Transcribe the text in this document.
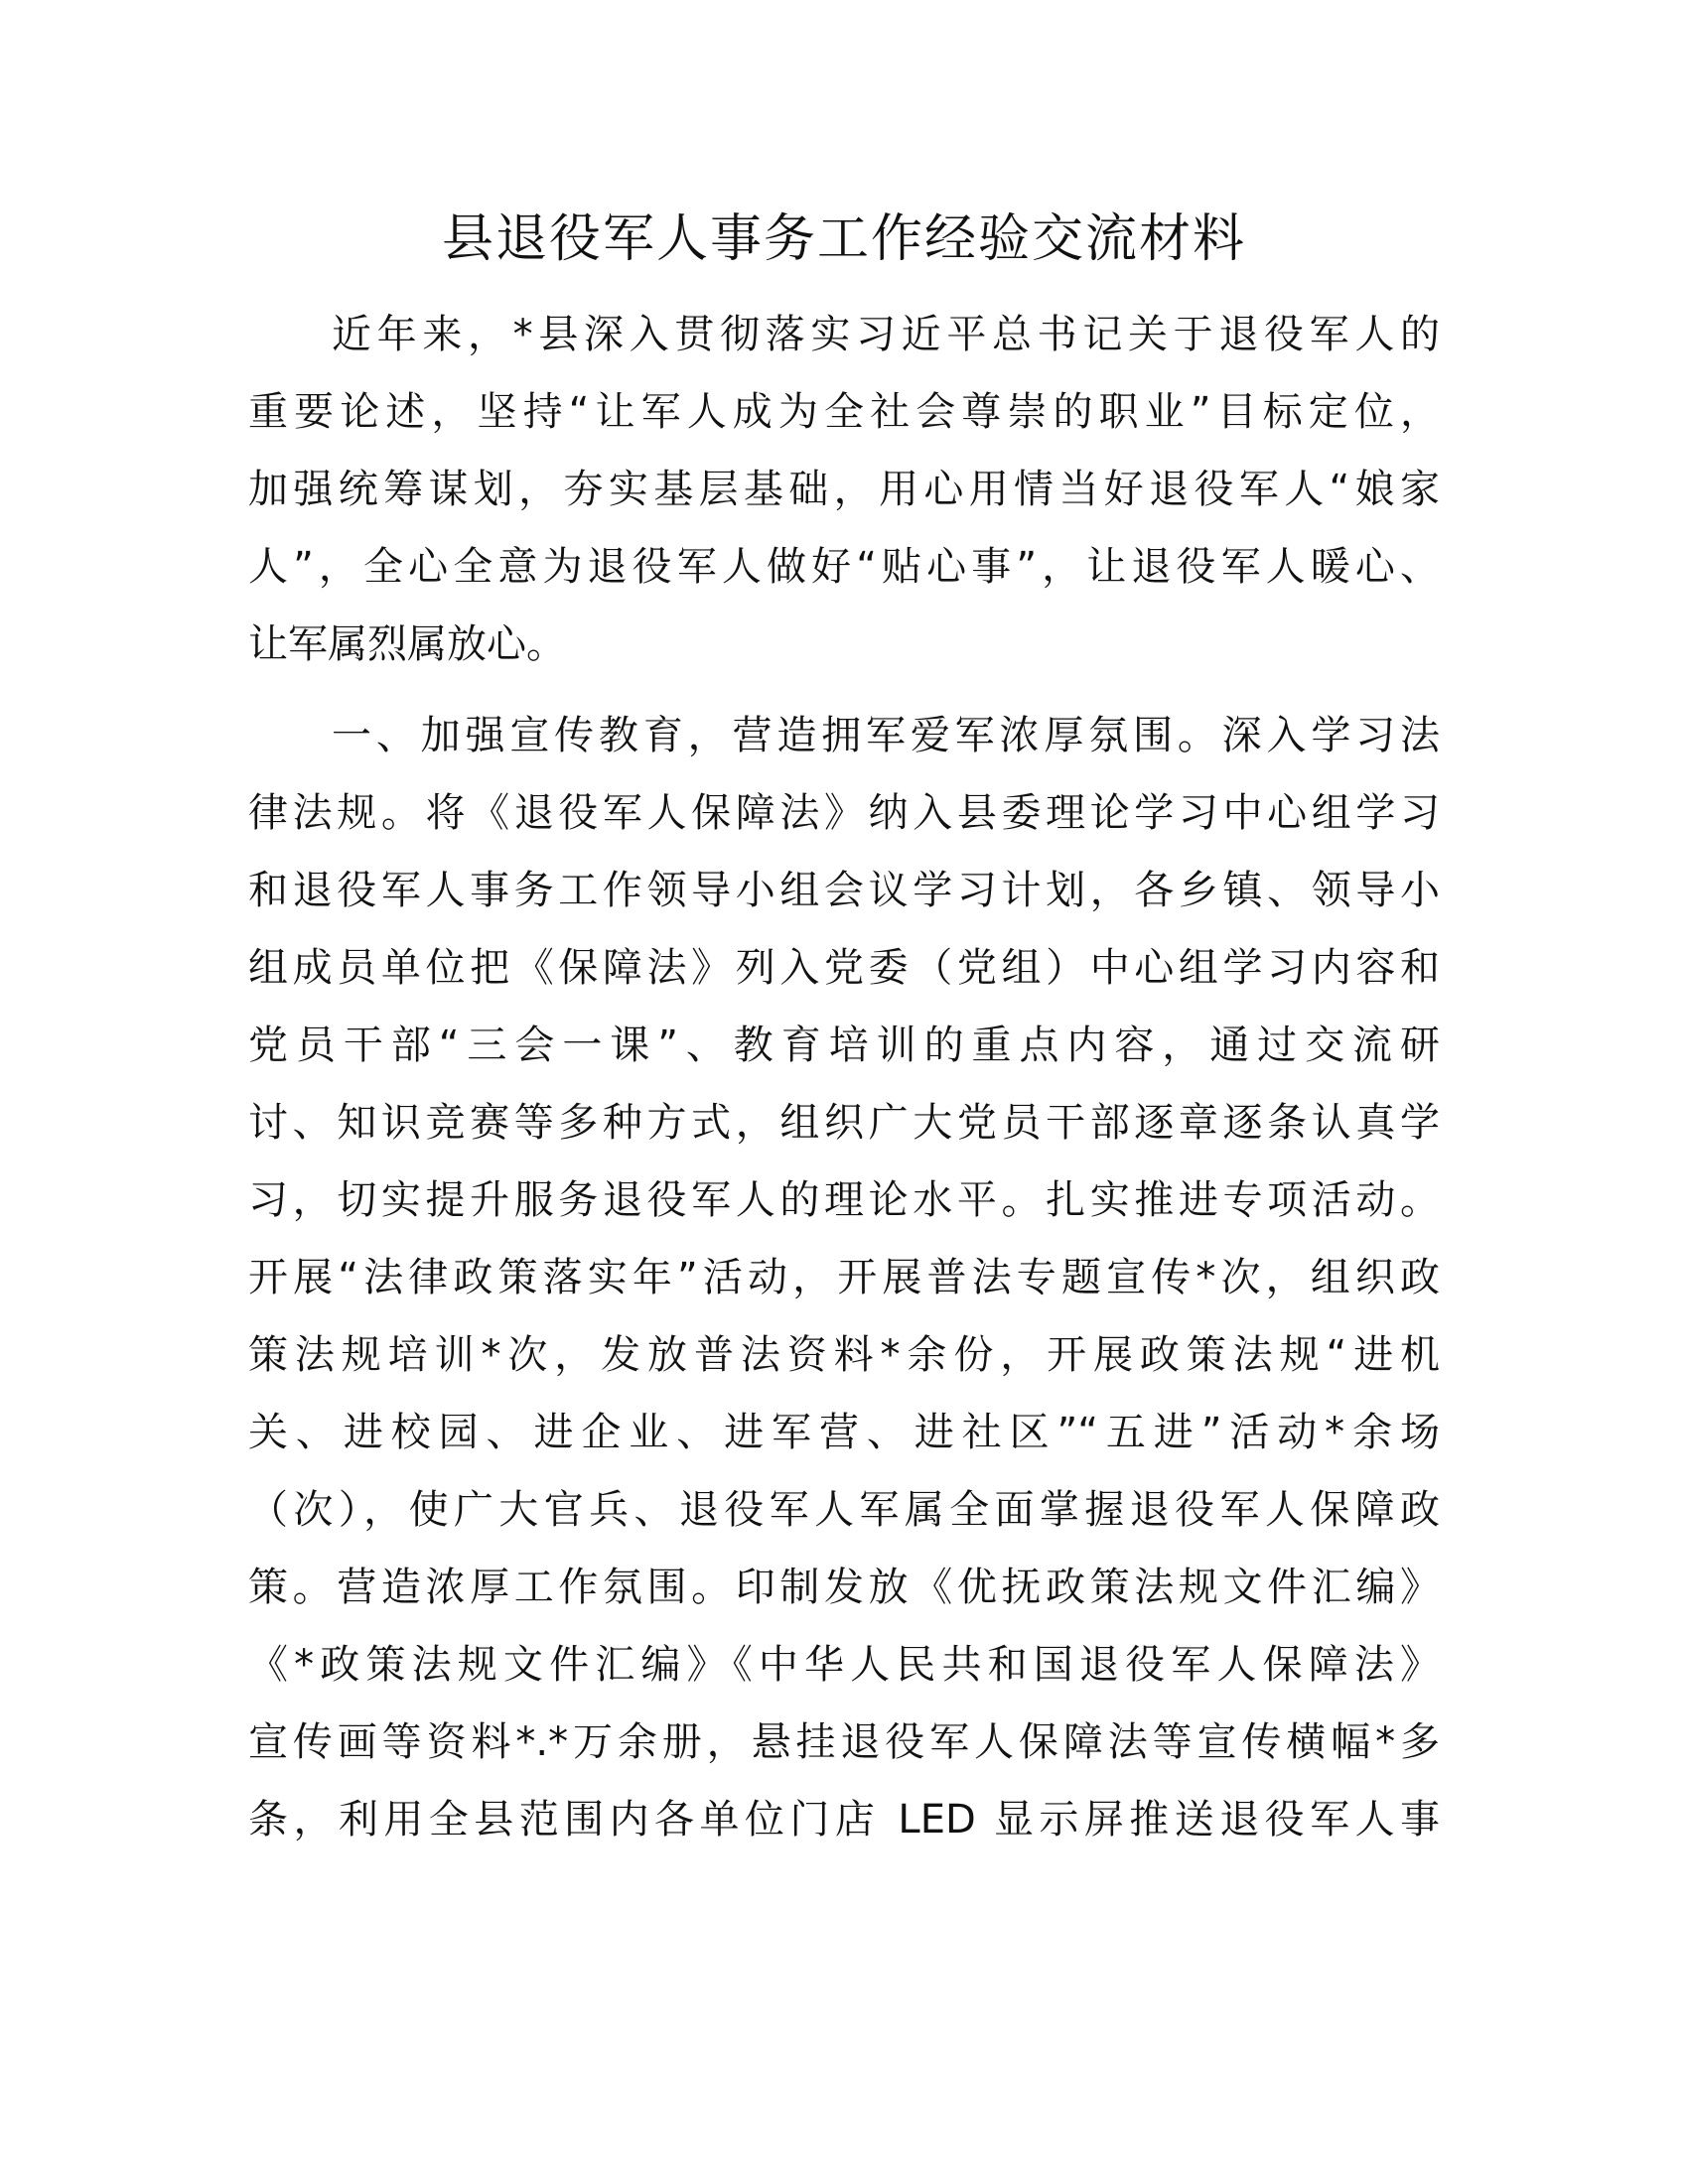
县退役军人事务工作经验交流材料

近年来，*县深入贯彻落实习近平总书记关于退役军人的
重要论述，坚持“让军人成为全社会尊崇的职业”目标定位，
加强统筹谋划，夯实基层基础，用心用情当好退役军人“娘家
人”，全心全意为退役军人做好“贴心事”，让退役军人暖心、
让军属烈属放心。

一、加强宣传教育，营造拥军爱军浓厚氛围。深入学习法
律法规。将《退役军人保障法》纳入县委理论学习中心组学习
和退役军人事务工作领导小组会议学习计划，各乡镇、领导小
组成员单位把《保障法》列入党委（党组）中心组学习内容和
党员干部“三会一课”、教育培训的重点内容，通过交流研
讨、知识竞赛等多种方式，组织广大党员干部逐章逐条认真学
习，切实提升服务退役军人的理论水平。扎实推进专项活动。
开展“法律政策落实年”活动，开展普法专题宣传*次，组织政
策法规培训*次，发放普法资料*余份，开展政策法规“进机
关、进校园、进企业、进军营、进社区”“五进”活动*余场
（次），使广大官兵、退役军人军属全面掌握退役军人保障政
策。营造浓厚工作氛围。印制发放《优抚政策法规文件汇编》
《*政策法规文件汇编》《中华人民共和国退役军人保障法》
宣传画等资料*.*万余册，悬挂退役军人保障法等宣传横幅*多
条，利用全县范围内各单位门店 LED 显示屏推送退役军人事
